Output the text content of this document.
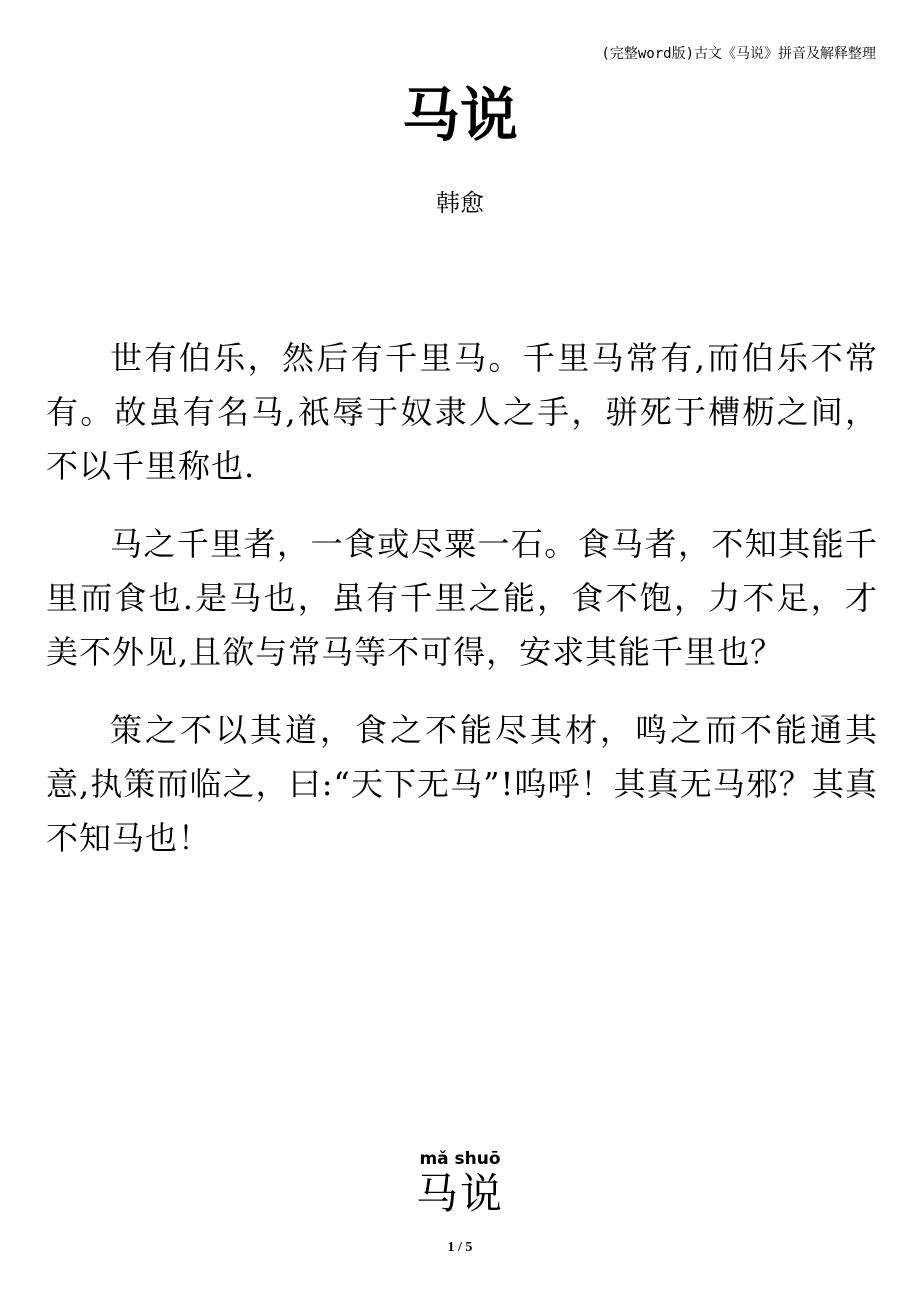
(完整word版)古文《马说》拼音及解释整理
马说
韩愈

世有伯乐，然后有千里马。千里马常有,而伯乐不常有。故虽有名马,祇辱于奴隶人之手，骈死于槽枥之间，不以千里称也.

马之千里者，一食或尽粟一石。食马者，不知其能千里而食也.是马也，虽有千里之能，食不饱，力不足，才美不外见,且欲与常马等不可得，安求其能千里也？

策之不以其道，食之不能尽其材，鸣之而不能通其意,执策而临之，曰:“天下无马”!呜呼！其真无马邪？其真不知马也！

mǎ shuō
马说
1 / 5
